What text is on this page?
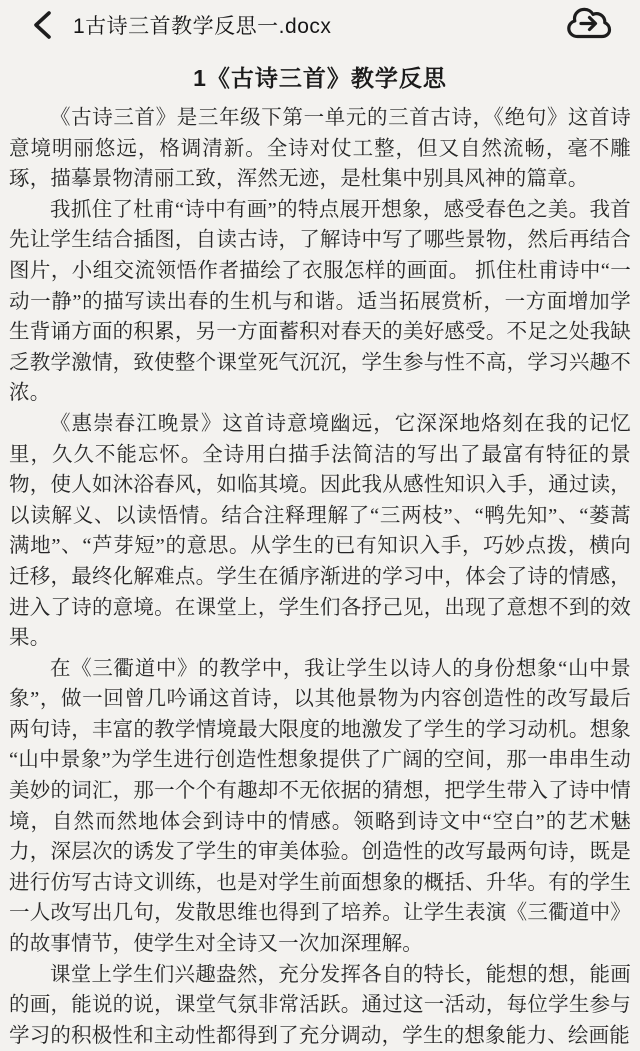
1古诗三首教学反思一.docx
1《古诗三首》教学反思

《古诗三首》是三年级下第一单元的三首古诗，《绝句》这首诗意境明丽悠远，格调清新。全诗对仗工整，但又自然流畅，毫不雕琢，描摹景物清丽工致，浑然无迹，是杜集中别具风神的篇章。

我抓住了杜甫“诗中有画”的特点展开想象，感受春色之美。我首先让学生结合插图，自读古诗，了解诗中写了哪些景物，然后再结合图片，小组交流领悟作者描绘了衣服怎样的画面。 抓住杜甫诗中“一动一静”的描写读出春的生机与和谐。适当拓展赏析，一方面增加学 生背诵方面的积累，另一方面蓄积对春天的美好感受。不足之处我缺乏教学激情，致使整个课堂死气沉沉，学生参与性不高，学习兴趣不浓。

《惠崇春江晚景》这首诗意境幽远，它深深地烙刻在我的记忆里，久久不能忘怀。全诗用白描手法简洁的写出了最富有特征的景物，使人如沐浴春风，如临其境。因此我从感性知识入手，通过读，以读解义、以读悟情。结合注释理解了“三两枝”、“鸭先知”、“蒌蒿满地”、“芦芽短”的意思。从学生的已有知识入手，巧妙点拨，横向迁移，最终化解难点。学生在循序渐进的学习中，体会了诗的情感，进入了诗的意境。在课堂上，学生们各抒己见，出现了意想不到的效果。

在《三衢道中》的教学中，我让学生以诗人的身份想象“山中景象”，做一回曾几吟诵这首诗，以其他景物为内容创造性的改写最后两句诗，丰富的教学情境最大限度的地激发了学生的学习动机。想象“山中景象”为学生进行创造性想象提供了广阔的空间，那一串串生动美妙的词汇，那一个个有趣却不无依据的猜想，把学生带入了诗中情境，自然而然地体会到诗中的情感。领略到诗文中“空白”的艺术魅力，深层次的诱发了学生的审美体验。创造性的改写最两句诗，既是进行仿写古诗文训练，也是对学生前面想象的概括、升华。有的学生一人改写出几句，发散思维也得到了培养。让学生表演《三衢道中》的故事情节，使学生对全诗又一次加深理解。

课堂上学生们兴趣盎然，充分发挥各自的特长，能想的想，能画的画，能说的说，课堂气氛非常活跃。通过这一活动，每位学生参与学习的积极性和主动性都得到了充分调动，学生的想象能力、绘画能
